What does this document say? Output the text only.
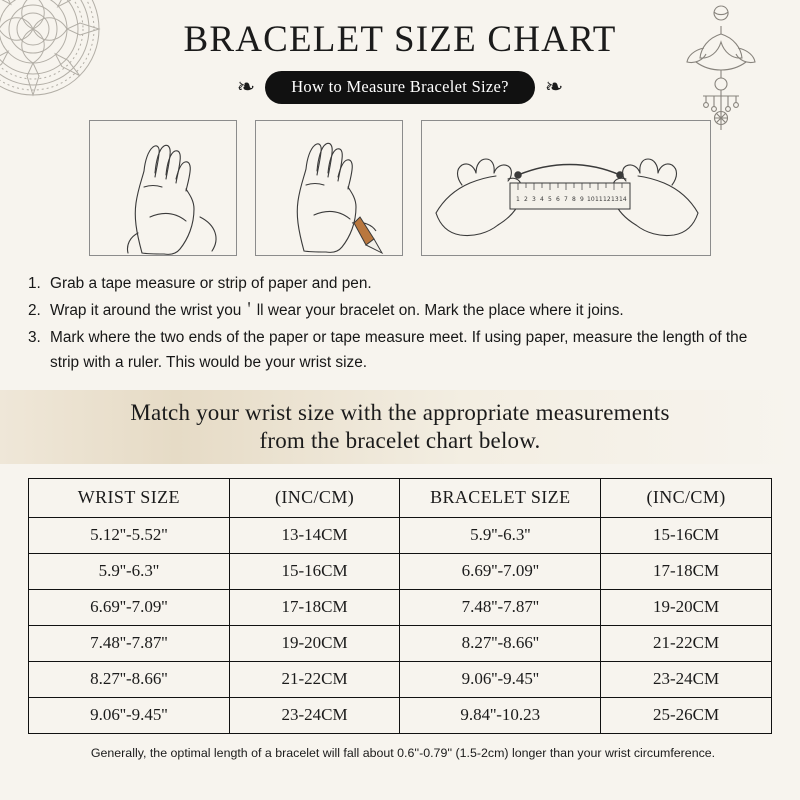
BRACELET SIZE CHART
❧	How to Measure Bracelet Size?	❧
1 2 3 4 5 6 7 8 9 10 11 12 13 14
1. Grab a tape measure or strip of paper and pen.
2. Wrap it around the wrist you＇ll wear your bracelet on. Mark the place where it joins.
3. Mark where the two ends of the paper or tape measure meet. If using paper, measure the length of the strip with a ruler. This would be your wrist size.
Match your wrist size with the appropriate measurements
from the bracelet chart below.
WRIST SIZE	(INC/CM)	BRACELET SIZE	(INC/CM)
5.12''-5.52''	13-14CM	5.9''-6.3''	15-16CM
5.9''-6.3''	15-16CM	6.69''-7.09''	17-18CM
6.69''-7.09''	17-18CM	7.48''-7.87''	19-20CM
7.48''-7.87''	19-20CM	8.27''-8.66''	21-22CM
8.27''-8.66''	21-22CM	9.06''-9.45''	23-24CM
9.06''-9.45''	23-24CM	9.84''-10.23	25-26CM
Generally, the optimal length of a bracelet will fall about 0.6''-0.79'' (1.5-2cm) longer than your wrist circumference.
